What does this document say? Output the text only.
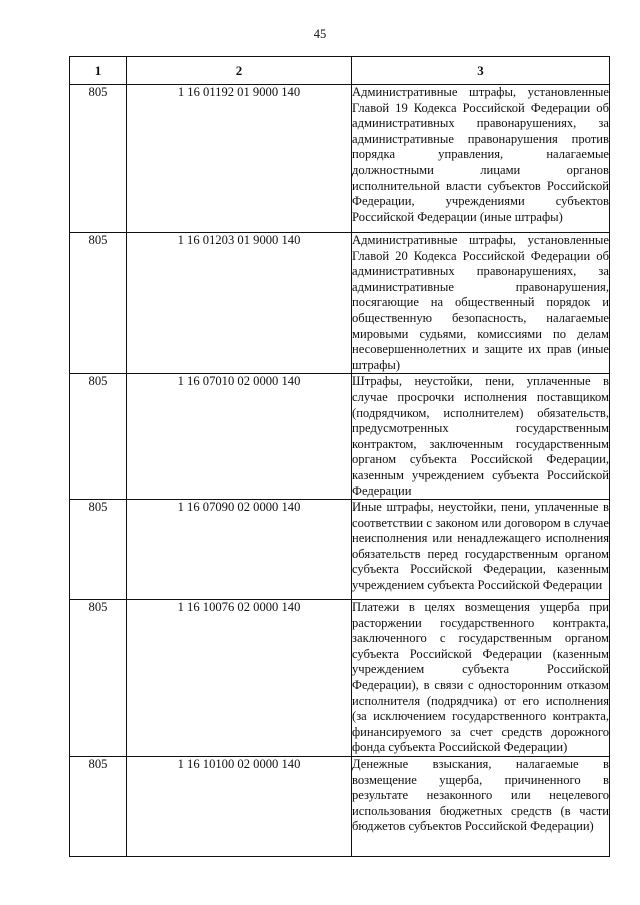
45
1	2	3
805	1 16 01192 01 9000 140	Административные штрафы, установленные Главой 19 Кодекса Российской Федерации об административных правонарушениях, за административные правонарушения против порядка управления, налагаемые должностными лицами органов исполнительной власти субъектов Российской Федерации, учреждениями субъектов Российской Федерации (иные штрафы)
805	1 16 01203 01 9000 140	Административные штрафы, установленные Главой 20 Кодекса Российской Федерации об административных правонарушениях, за административные правонарушения, посягающие на общественный порядок и общественную безопасность, налагаемые мировыми судьями, комиссиями по делам несовершеннолетних и защите их прав (иные штрафы)
805	1 16 07010 02 0000 140	Штрафы, неустойки, пени, уплаченные в случае просрочки исполнения поставщиком (подрядчиком, исполнителем) обязательств, предусмотренных государственным контрактом, заключенным государственным органом субъекта Российской Федерации, казенным учреждением субъекта Российской Федерации
805	1 16 07090 02 0000 140	Иные штрафы, неустойки, пени, уплаченные в соответствии с законом или договором в случае неисполнения или ненадлежащего исполнения обязательств перед государственным органом субъекта Российской Федерации, казенным учреждением субъекта Российской Федерации
805	1 16 10076 02 0000 140	Платежи в целях возмещения ущерба при расторжении государственного контракта, заключенного с государственным органом субъекта Российской Федерации (казенным учреждением субъекта Российской Федерации), в связи с односторонним отказом исполнителя (подрядчика) от его исполнения (за исключением государственного контракта, финансируемого за счет средств дорожного фонда субъекта Российской Федерации)
805	1 16 10100 02 0000 140	Денежные взыскания, налагаемые в возмещение ущерба, причиненного в результате незаконного или нецелевого использования бюджетных средств (в части бюджетов субъектов Российской Федерации)
